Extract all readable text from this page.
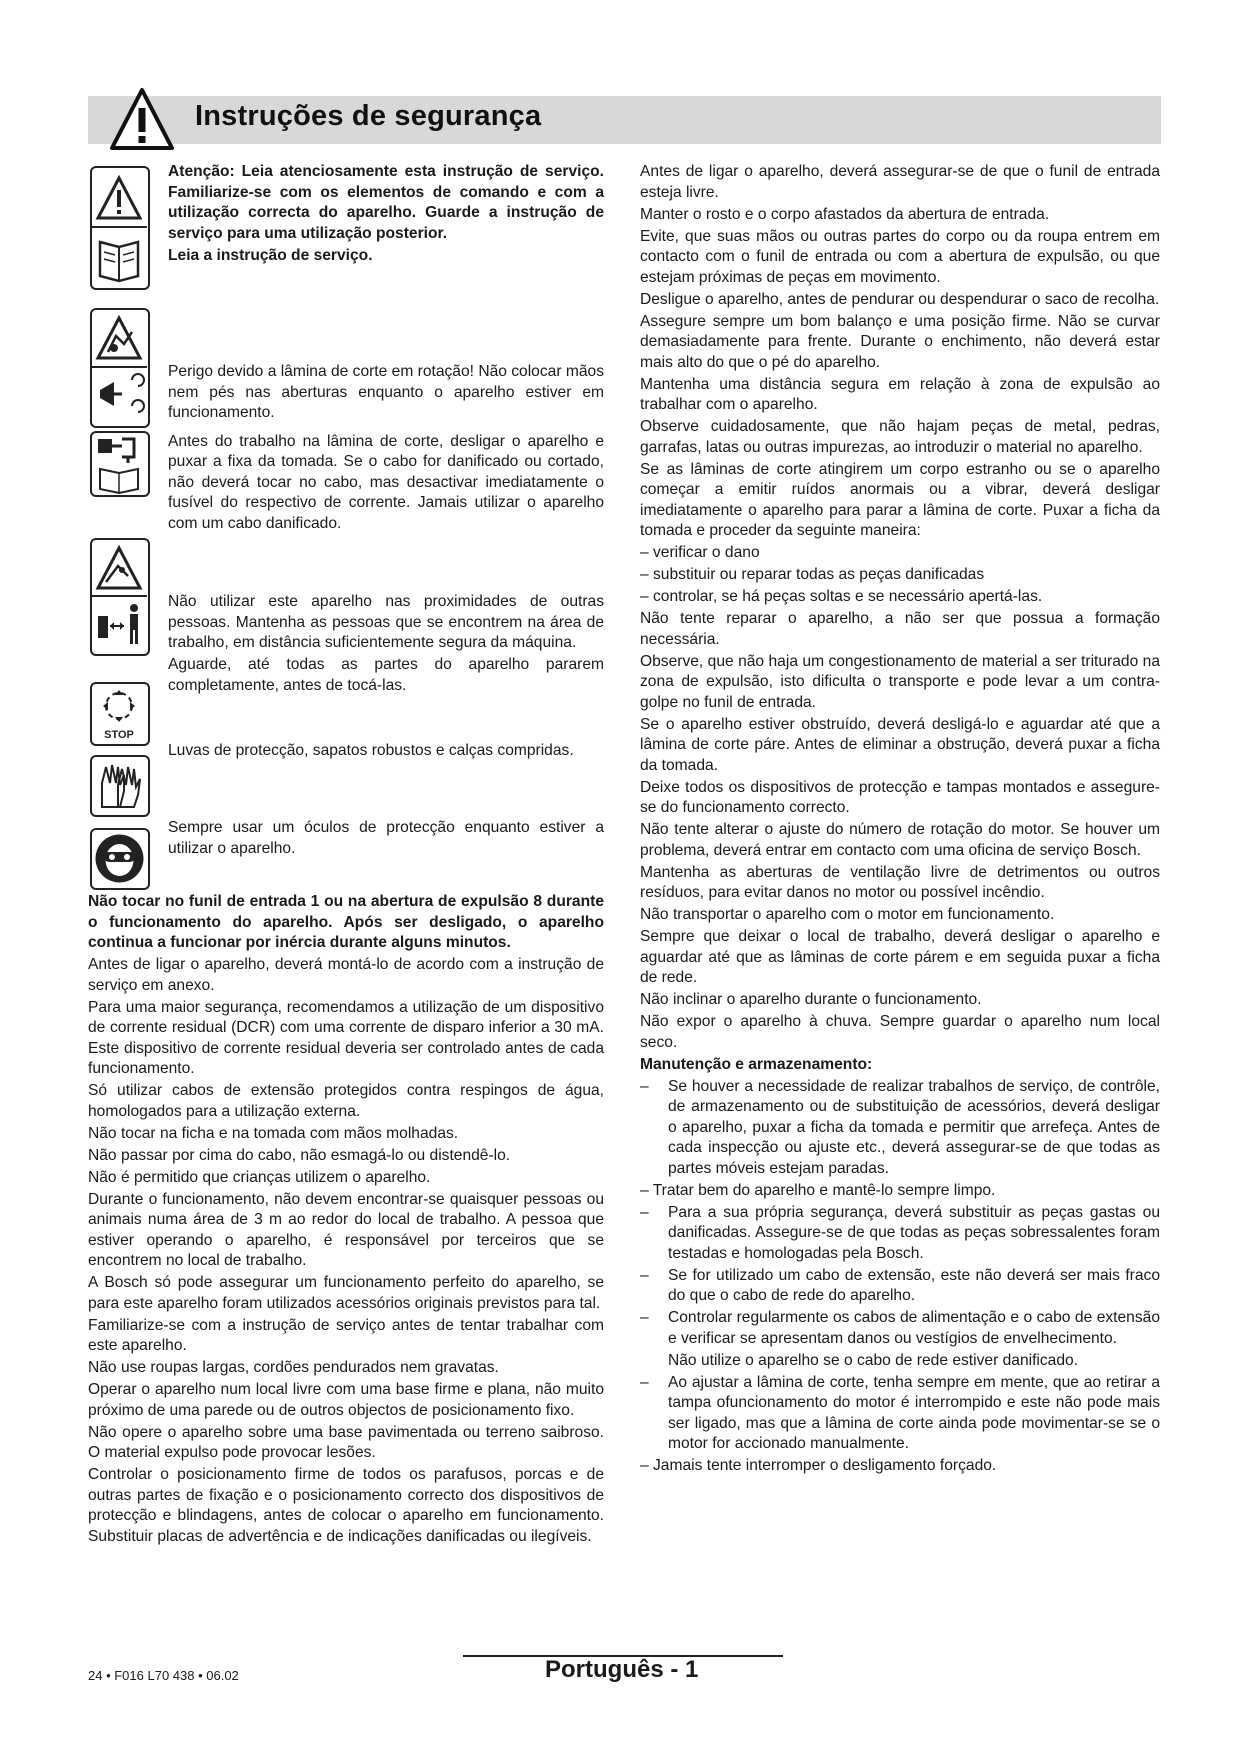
Instruções de segurança
STOP

Atenção: Leia atenciosamente esta instrução de serviço. Familiarize-se com os elementos de comando e com a utilização correcta do aparelho. Guarde a instrução de serviço para uma utilização posterior.

Leia a instrução de serviço.

Perigo devido a lâmina de corte em rotação! Não colocar mãos nem pés nas aberturas enquanto o aparelho estiver em funcionamento.

Antes do trabalho na lâmina de corte, desligar o aparelho e puxar a fixa da tomada. Se o cabo for danificado ou cortado, não deverá tocar no cabo, mas desactivar imediatamente o fusível do respectivo de corrente. Jamais utilizar o aparelho com um cabo danificado.

Não utilizar este aparelho nas proximidades de outras pessoas. Mantenha as pessoas que se encontrem na área de trabalho, em distância suficientemente segura da máquina.

Aguarde, até todas as partes do aparelho pararem completamente, antes de tocá-las.

Luvas de protecção, sapatos robustos e calças compridas.

Sempre usar um óculos de protecção enquanto estiver a utilizar o aparelho.

Não tocar no funil de entrada 1 ou na abertura de expulsão 8 durante o funcionamento do aparelho. Após ser desligado, o aparelho continua a funcionar por inércia durante alguns minutos.

Antes de ligar o aparelho, deverá montá-lo de acordo com a instrução de serviço em anexo.

Para uma maior segurança, recomendamos a utilização de um dispositivo de corrente residual (DCR) com uma corrente de disparo inferior a 30 mA. Este dispositivo de corrente residual deveria ser controlado antes de cada funcionamento.

Só utilizar cabos de extensão protegidos contra respingos de água, homologados para a utilização externa.

Não tocar na ficha e na tomada com mãos molhadas.

Não passar por cima do cabo, não esmagá-lo ou distendê-lo.

Não é permitido que crianças utilizem o aparelho.

Durante o funcionamento, não devem encontrar-se quaisquer pessoas ou animais numa área de 3 m ao redor do local de trabalho. A pessoa que estiver operando o aparelho, é responsável por terceiros que se encontrem no local de trabalho.

A Bosch só pode assegurar um funcionamento perfeito do aparelho, se para este aparelho foram utilizados acessórios originais previstos para tal.

Familiarize-se com a instrução de serviço antes de tentar trabalhar com este aparelho.

Não use roupas largas, cordões pendurados nem gravatas.

Operar o aparelho num local livre com uma base firme e plana, não muito próximo de uma parede ou de outros objectos de posicionamento fixo.

Não opere o aparelho sobre uma base pavimentada ou terreno saibroso. O material expulso pode provocar lesões.

Controlar o posicionamento firme de todos os parafusos, porcas e de outras partes de fixação e o posicionamento correcto dos dispositivos de protecção e blindagens, antes de colocar o aparelho em funcionamento. Substituir placas de advertência e de indicações danificadas ou ilegíveis.

Antes de ligar o aparelho, deverá assegurar-se de que o funil de entrada esteja livre.

Manter o rosto e o corpo afastados da abertura de entrada.

Evite, que suas mãos ou outras partes do corpo ou da roupa entrem em contacto com o funil de entrada ou com a abertura de expulsão, ou que estejam próximas de peças em movimento.

Desligue o aparelho, antes de pendurar ou despendurar o saco de recolha.

Assegure sempre um bom balanço e uma posição firme. Não se curvar demasiadamente para frente. Durante o enchimento, não deverá estar mais alto do que o pé do aparelho.

Mantenha uma distância segura em relação à zona de expulsão ao trabalhar com o aparelho.

Observe cuidadosamente, que não hajam peças de metal, pedras, garrafas, latas ou outras impurezas, ao introduzir o material no aparelho.

Se as lâminas de corte atingirem um corpo estranho ou se o aparelho começar a emitir ruídos anormais ou a vibrar, deverá desligar imediatamente o aparelho para parar a lâmina de corte. Puxar a ficha da tomada e proceder da seguinte maneira:

– verificar o dano

– substituir ou reparar todas as peças danificadas

– controlar, se há peças soltas e se necessário apertá-las.

Não tente reparar o aparelho, a não ser que possua a formação necessária.

Observe, que não haja um congestionamento de material a ser triturado na zona de expulsão, isto dificulta o transporte e pode levar a um contra-golpe no funil de entrada.

Se o aparelho estiver obstruído, deverá desligá-lo e aguardar até que a lâmina de corte páre. Antes de eliminar a obstrução, deverá puxar a ficha da tomada.

Deixe todos os dispositivos de protecção e tampas montados e assegure-se do funcionamento correcto.

Não tente alterar o ajuste do número de rotação do motor. Se houver um problema, deverá entrar em contacto com uma oficina de serviço Bosch.

Mantenha as aberturas de ventilação livre de detrimentos ou outros resíduos, para evitar danos no motor ou possível incêndio.

Não transportar o aparelho com o motor em funcionamento.

Sempre que deixar o local de trabalho, deverá desligar o aparelho e aguardar até que as lâminas de corte párem e em seguida puxar a ficha de rede.

Não inclinar o aparelho durante o funcionamento.

Não expor o aparelho à chuva. Sempre guardar o aparelho num local seco.

Manutenção e armazenamento:

–	Se houver a necessidade de realizar trabalhos de serviço, de contrôle, de armazenamento ou de substituição de acessórios, deverá desligar o aparelho, puxar a ficha da tomada e permitir que arrefeça. Antes de cada inspecção ou ajuste etc., deverá assegurar-se de que todas as partes móveis estejam paradas.
– Tratar bem do aparelho e mantê-lo sempre limpo.
–	Para a sua própria segurança, deverá substituir as peças gastas ou danificadas. Assegure-se de que todas as peças sobressalentes foram testadas e homologadas pela Bosch.
–	Se for utilizado um cabo de extensão, este não deverá ser mais fraco do que o cabo de rede do aparelho.
–	Controlar regularmente os cabos de alimentação e o cabo de extensão e verificar se apresentam danos ou vestígios de envelhecimento.
Não utilize o aparelho se o cabo de rede estiver danificado.
–	Ao ajustar a lâmina de corte, tenha sempre em mente, que ao retirar a tampa ofuncionamento do motor é interrompido e este não pode mais ser ligado, mas que a lâmina de corte ainda pode movimentar-se se o motor for accionado manualmente.
– Jamais tente interromper o desligamento forçado.
24 • F016 L70 438 • 06.02	Português - 1
